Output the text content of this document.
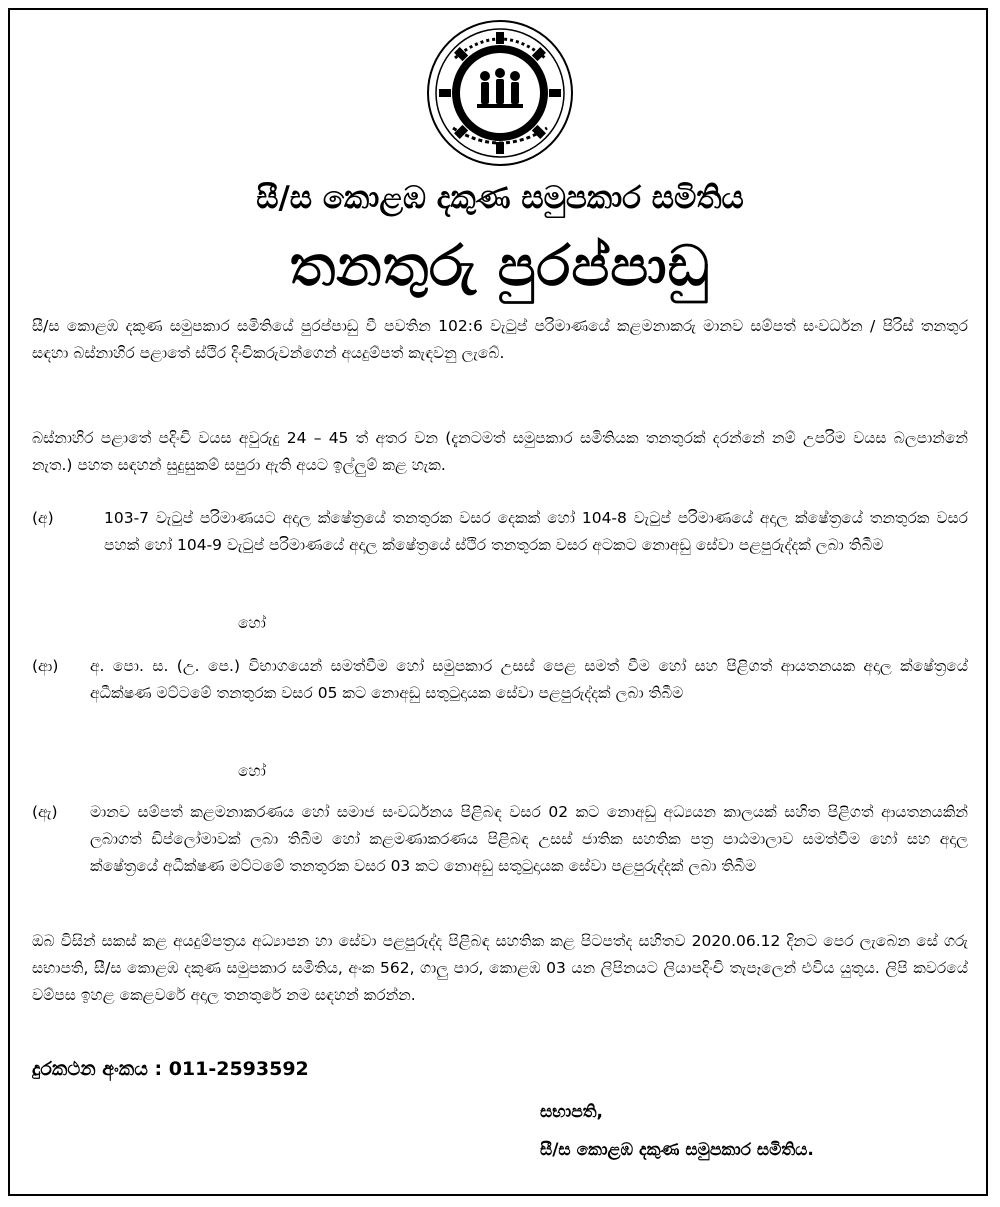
සී/ස කොළඹ දකුණ සමුපකාර සමිතිය
තනතුරු පුරප්පාඩු
සී/ස කොළඹ දකුණ සමුපකාර සමිතියේ පුරප්පාඩු වී පවතින 102:6 වැටුප් පරිමාණයේ කළමනාකරු මානව සම්පත් සංවර්ධන / පිරිස් තනතුර සඳහා බස්නාහිර පළාතේ ස්ථිර දිංචිකරුවන්ගෙන් අයදුම්පත් කැඳවනු ලැබේ.
බස්නාහිර පළාතේ පදිංචි වයස අවුරුදු 24 – 45 ත් අතර වන (දැනටමත් සමුපකාර සමිතියක තනතුරක් දරන්නේ නම් උපරිම වයස බලපාන්නේ නැත.) පහත සඳහන් සුදුසුකම් සපුරා ඇති අයට ඉල්ලුම් කළ හැක.
(අ)	103-7 වැටුප් පරිමාණයට අදාල ක්ෂේත්‍රයේ තනතුරක වසර දෙකක් හෝ 104-8 වැටුප් පරිමාණයේ අදාල ක්ෂේත්‍රයේ තනතුරක වසර පහක් හෝ 104-9 වැටුප් පරිමාණයේ අදාල ක්ෂේත්‍රයේ ස්ථිර තනතුරක වසර අටකට නොඅඩු සේවා පළපුරුද්දක් ලබා තිබීම
හෝ
(ආ) අ. පො. ස. (උ. පෙ.) විභාගයෙන් සමත්වීම හෝ සමුපකාර උසස් පෙළ සමත් වීම හෝ සහ පිළිගත් ආයතනයක අදාල ක්ෂේත්‍රයේ අධීක්ෂණ මට්ටමේ තනතුරක වසර 05 කට නොඅඩු සතුටුදායක සේවා පළපුරුද්දක් ලබා තිබීම
හෝ
(ඇ) මානව සම්පත් කළමනාකරණය හෝ සමාජ සංවර්ධනය පිළිබඳ වසර 02 කට නොඅඩු අධ්‍යයන කාලයක් සහිත පිළිගත් ආයතනයකින් ලබාගත් ඩිප්ලෝමාවක් ලබා තිබීම හෝ කළමණාකරණය පිළිබඳ උසස් ජාතික සහතික පත්‍ර පාඨමාලාව සමත්වීම හෝ සහ අදාල ක්ෂේත්‍රයේ අධීක්ෂණ මට්ටමේ තනතුරක වසර 03 කට නොඅඩු සතුටුදායක සේවා පළපුරුද්දක් ලබා තිබීම
ඔබ විසින් සකස් කළ අයදුම්පත්‍රය අධ්‍යාපන හා සේවා පළපුරුද්ද පිළිබඳ සහතික කළ පිටපත්ද සහිතව 2020.06.12 දිනට පෙර ලැබෙන සේ ගරු සභාපති, සී/ස කොළඹ දකුණ සමුපකාර සමිතිය, අංක 562, ගාලු පාර, කොළඹ 03 යන ලිපිනයට ලියාපදිංචි තැපෑලෙන් එවිය යුතුය. ලිපි කවරයේ වම්පස ඉහළ කෙළවරේ අදාල තනතුරේ නම සඳහන් කරන්න.
දුරකථන අංකය : 011-2593592
සභාපති,
සී/ස කොළඹ දකුණ සමුපකාර සමිතිය.
